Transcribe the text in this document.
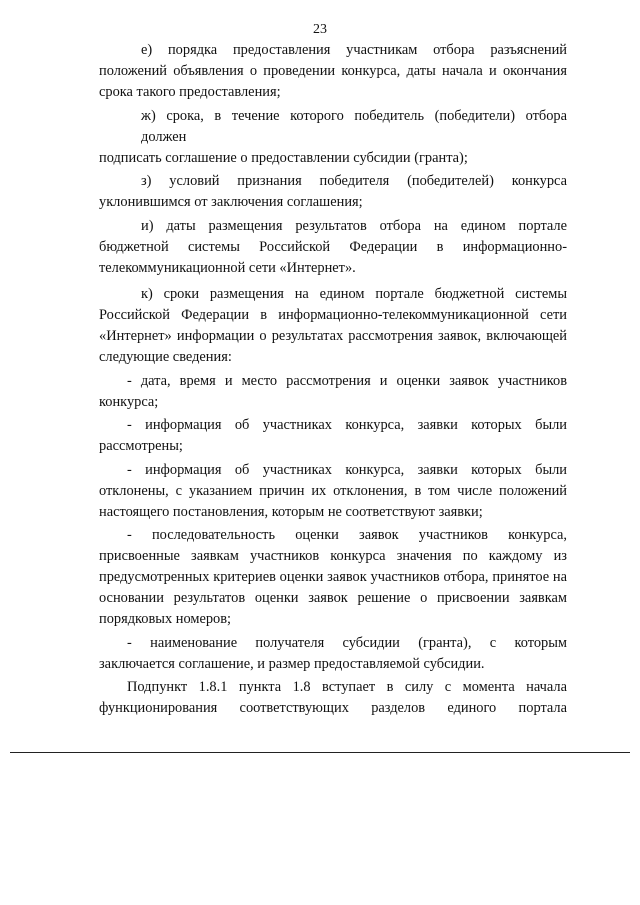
23
е) порядка предоставления участникам отбора разъяснений
положений объявления о проведении конкурса, даты начала и окончания срока такого предоставления;
ж) срока, в течение которого победитель (победители) отбора должен
подписать соглашение о предоставлении субсидии (гранта);
з) условий признания победителя (победителей) конкурса
уклонившимся от заключения соглашения;
и) даты размещения результатов отбора на едином портале
бюджетной системы Российской Федерации в информационно-телекоммуникационной сети «Интернет».
к) сроки размещения на едином портале бюджетной системы
Российской Федерации в информационно-телекоммуникационной сети «Интернет» информации о результатах рассмотрения заявок, включающей следующие сведения:
- дата, время и место рассмотрения и оценки заявок участников
конкурса;
- информация об участниках конкурса, заявки которых были
рассмотрены;
- информация об участниках конкурса, заявки которых были
отклонены, с указанием причин их отклонения, в том числе положений настоящего постановления, которым не соответствуют заявки;
- последовательность оценки заявок участников конкурса,
присвоенные заявкам участников конкурса значения по каждому из предусмотренных критериев оценки заявок участников отбора, принятое на основании результатов оценки заявок решение о присвоении заявкам порядковых номеров;
- наименование получателя субсидии (гранта), с которым
заключается соглашение, и размер предоставляемой субсидии.
Подпункт 1.8.1 пункта 1.8 вступает в силу с момента начала
функционирования соответствующих разделов единого портала
